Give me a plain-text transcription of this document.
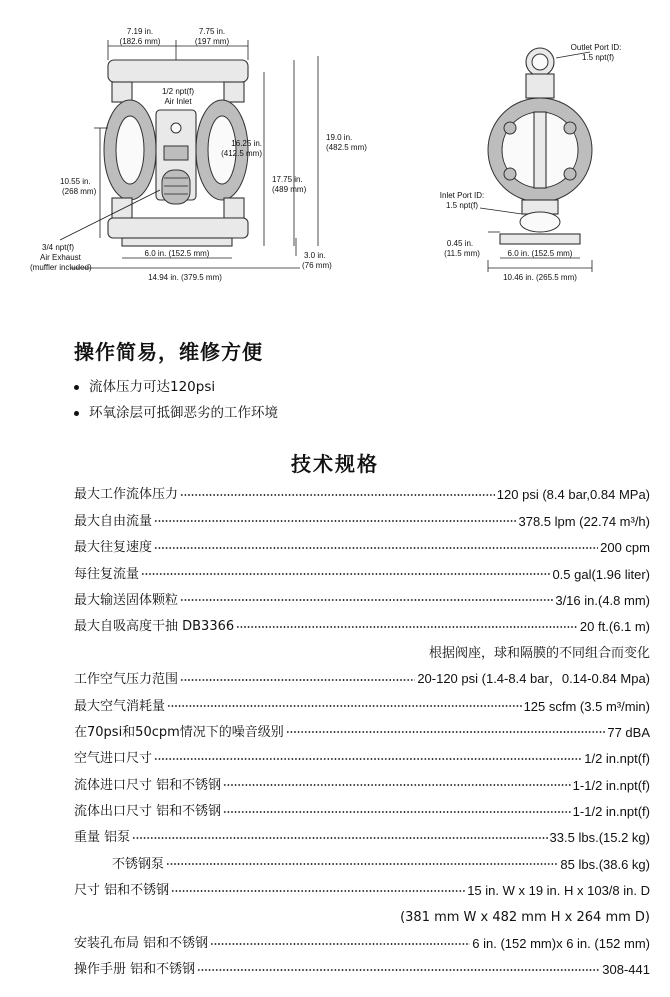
7.19 in.
(182.6 mm)
7.75 in.
(197 mm)
1/2 npt(f)
Air Inlet
16.25 in.
(412.5 mm)
19.0 in.
(482.5 mm)
17.75 in.
(489 mm)
10.55 in.
(268 mm)
3/4 npt(f)
Air Exhaust
(muffler included)
6.0 in. (152.5 mm)	3.0 in.
(76 mm)
14.94 in. (379.5 mm)
Outlet Port ID:
1.5 npt(f)
Inlet Port ID:
1.5 npt(f)
0.45 in.
(11.5 mm)	6.0 in. (152.5 mm)
10.46 in. (265.5 mm)
操作简易，维修方便
流体压力可达120psi
环氧涂层可抵御恶劣的工作环境
技术规格
最大工作流体压力	120 psi (8.4 bar,0.84 MPa)
最大自由流量	378.5 lpm (22.74 m³/h)
最大往复速度	200 cpm
每往复流量	0.5 gal(1.96 liter)
最大输送固体颗粒	3/16 in.(4.8 mm)
最大自吸高度干抽 DB3366	20 ft.(6.1 m)
根据阀座，球和隔膜的不同组合而变化
工作空气压力范围	20-120 psi (1.4-8.4 bar，0.14-0.84 Mpa)
最大空气消耗量	125 scfm (3.5 m³/min)
在70psi和50cpm情况下的噪音级别	77 dBA
空气进口尺寸	1/2 in.npt(f)
流体进口尺寸 铝和不锈钢	1-1/2 in.npt(f)
流体出口尺寸 铝和不锈钢	1-1/2 in.npt(f)
重量 铝泵	33.5 lbs.(15.2 kg)
不锈钢泵	85 lbs.(38.6 kg)
尺寸 铝和不锈钢	15 in. W x 19 in. H x 103/8 in. D
(381 mm W x 482 mm H x 264 mm D)
安装孔布局 铝和不锈钢	6 in. (152 mm)x 6 in. (152 mm)
操作手册 铝和不锈钢	308-441
